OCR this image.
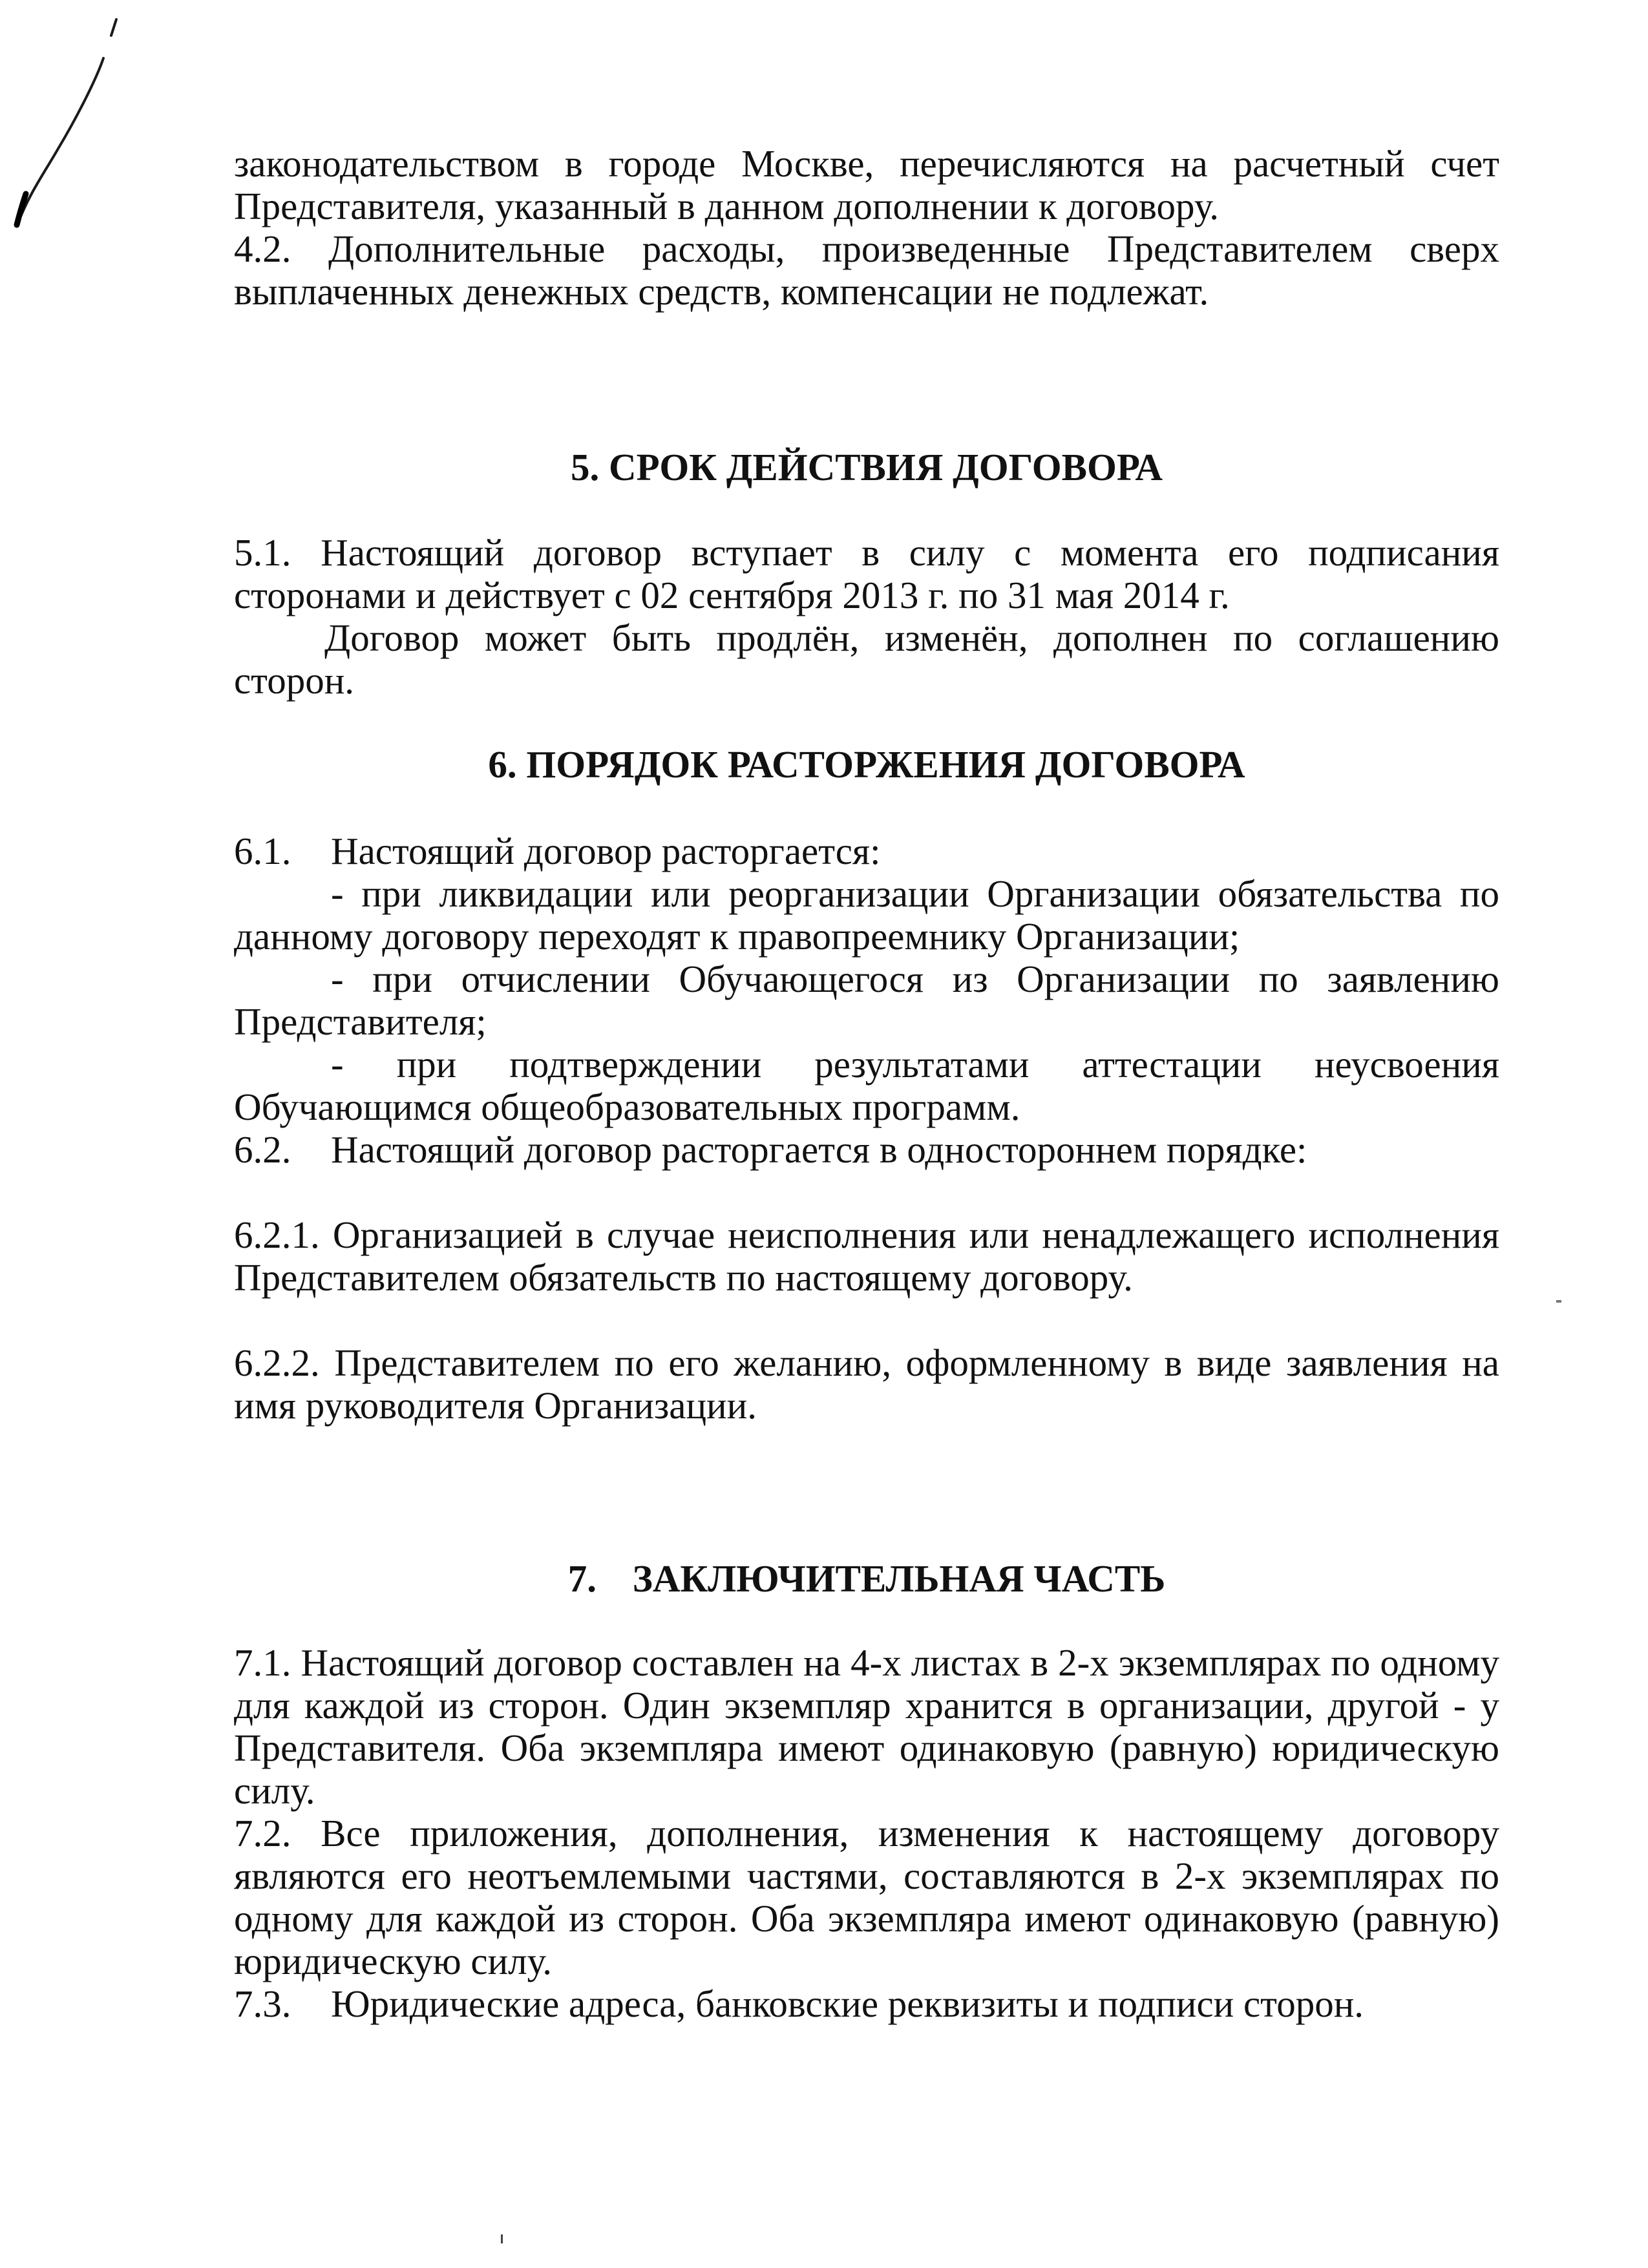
законодательством в городе Москве, перечисляются на расчетный счет Представителя, указанный в данном дополнении к договору.

4.2. Дополнительные расходы, произведенные Представителем сверх выплаченных денежных средств, компенсации не подлежат.

5. СРОК ДЕЙСТВИЯ ДОГОВОРА

5.1. Настоящий договор вступает в силу с момента его подписания сторонами и действует с 02 сентября 2013 г. по 31 мая 2014 г.

Договор может быть продлён, изменён, дополнен по соглашению сторон.

6. ПОРЯДОК РАСТОРЖЕНИЯ ДОГОВОРА

6.1. Настоящий договор расторгается:

- при ликвидации или реорганизации Организации обязательства по данному договору переходят к правопреемнику Организации;

- при отчислении Обучающегося из Организации по заявлению Представителя;

- при подтверждении результатами аттестации неусвоения Обучающимся общеобразовательных программ.

6.2. Настоящий договор расторгается в одностороннем порядке:

6.2.1. Организацией в случае неисполнения или ненадлежащего исполнения Представителем обязательств по настоящему договору.

6.2.2. Представителем по его желанию, оформленному в виде заявления на имя руководителя Организации.

7. ЗАКЛЮЧИТЕЛЬНАЯ ЧАСТЬ

7.1. Настоящий договор составлен на 4-х листах в 2-х экземплярах по одному для каждой из сторон. Один экземпляр хранится в организации, другой - у Представителя. Оба экземпляра имеют одинаковую (равную) юридическую силу.

7.2. Все приложения, дополнения, изменения к настоящему договору являются его неотъемлемыми частями, составляются в 2-х экземплярах по одному для каждой из сторон. Оба экземпляра имеют одинаковую (равную) юридическую силу.

7.3. Юридические адреса, банковские реквизиты и подписи сторон.
